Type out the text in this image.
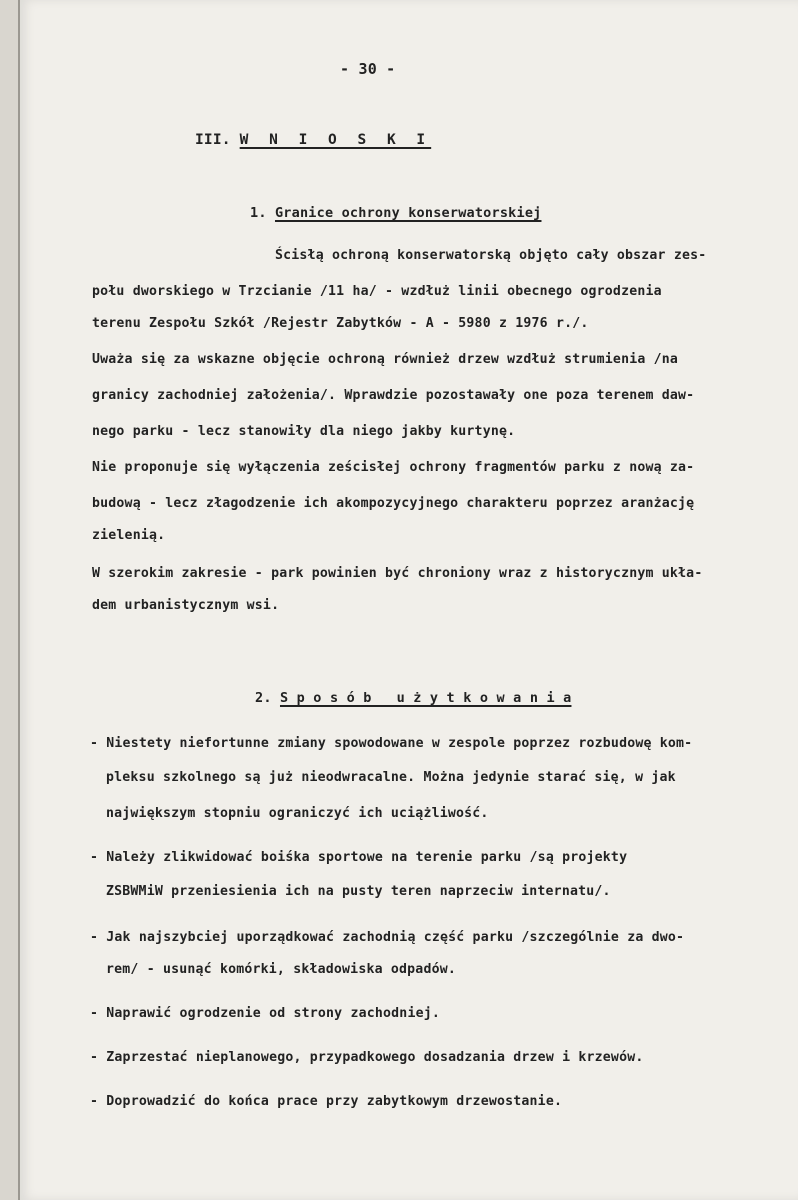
- 30 -
III. W N I O S K I
1. Granice ochrony konserwatorskiej
Ścisłą ochroną konserwatorską objęto cały obszar zes-
połu dworskiego w Trzcianie /11 ha/ - wzdłuż linii obecnego ogrodzenia
terenu Zespołu Szkół /Rejestr Zabytków - A - 5980 z 1976 r./.
Uważa się za wskazne objęcie ochroną również drzew wzdłuż strumienia /na
granicy zachodniej założenia/. Wprawdzie pozostawały one poza terenem daw-
nego parku - lecz stanowiły dla niego jakby kurtynę.
Nie proponuje się wyłączenia ześcisłej ochrony fragmentów parku z nową za-
budową - lecz złagodzenie ich akompozycyjnego charakteru poprzez aranżację
zielenią.
W szerokim zakresie - park powinien być chroniony wraz z historycznym ukła-
dem urbanistycznym wsi.
2. S p o s ó b   u ż y t k o w a n i a
- Niestety niefortunne zmiany spowodowane w zespole poprzez rozbudowę kom-
pleksu szkolnego są już nieodwracalne. Można jedynie starać się, w jak
największym stopniu ograniczyć ich uciążliwość.
- Należy zlikwidować boiśka sportowe na terenie parku /są projekty
ZSBWMiW przeniesienia ich na pusty teren naprzeciw internatu/.
- Jak najszybciej uporządkować zachodnią część parku /szczególnie za dwo-
rem/ - usunąć komórki, składowiska odpadów.
- Naprawić ogrodzenie od strony zachodniej.
- Zaprzestać nieplanowego, przypadkowego dosadzania drzew i krzewów.
- Doprowadzić do końca prace przy zabytkowym drzewostanie.
